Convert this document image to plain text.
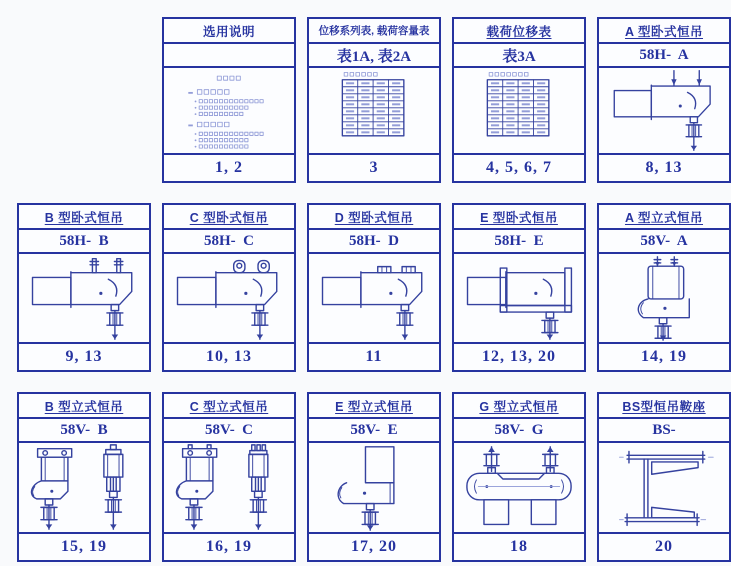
选用说明
1, 2
位移系列表, 载荷容量表
表1A, 表2A
3
载荷位移表
表3A
4, 5, 6, 7
A 型卧式恒吊
58H-  A
8, 13
B 型卧式恒吊
58H-  B
9, 13
C 型卧式恒吊
58H-  C
10, 13
D 型卧式恒吊
58H-  D
11
E 型卧式恒吊
58H-  E
12, 13, 20
A 型立式恒吊
58V-  A
14, 19
B 型立式恒吊
58V-  B
15, 19
C 型立式恒吊
58V-  C
16, 19
E 型立式恒吊
58V-  E
17, 20
G 型立式恒吊
58V-  G
18
BS型恒吊鞍座
BS-
20
